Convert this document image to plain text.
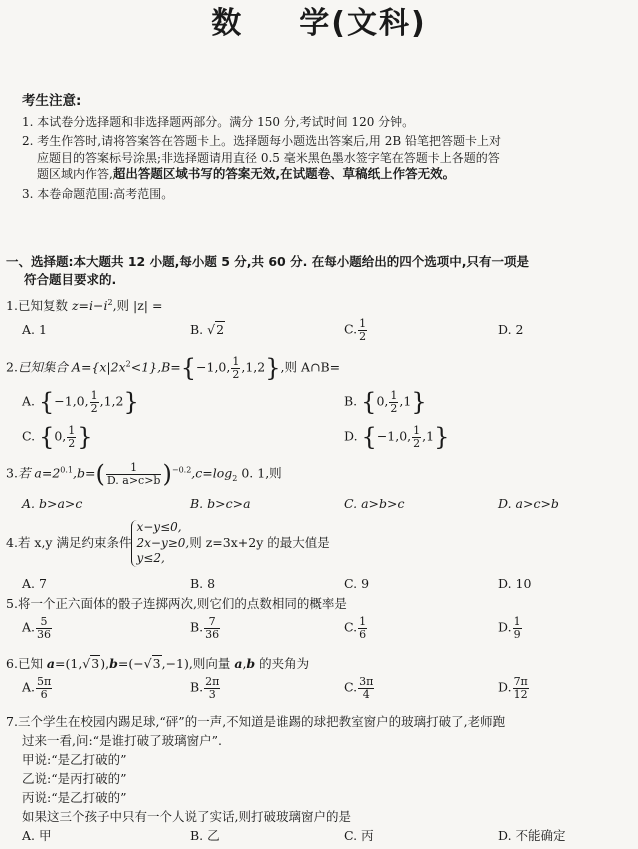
数 学(文科)
考生注意:
1. 本试卷分选择题和非选择题两部分。满分 150 分,考试时间 120 分钟。
2. 考生作答时,请将答案答在答题卡上。选择题每小题选出答案后,用 2B 铅笔把答题卡上对
应题目的答案标号涂黑;非选择题请用直径 0.5 毫米黑色墨水签字笔在答题卡上各题的答
题区域内作答,超出答题区域书写的答案无效,在试题卷、草稿纸上作答无效。
3. 本卷命题范围:高考范围。
一、选择题:本大题共 12 小题,每小题 5 分,共 60 分. 在每小题给出的四个选项中,只有一项是
符合题目要求的.
1.已知复数 $z=i-i^2$,则 |z| =
A. 1	B. √2	C. $\frac{1}{2}$	D. 2
2.已知集合 $A=\{x|2x^2<1\},B=\{-1,0$, $\frac{1}{2} ,1,2$},则 A∩B=
A. {−1,0, $\frac{1}{2} ,1,2$}	B. {0, $\frac{1}{2} ,1$}
C. {0, $\frac{1}{2}$ }	D. {−1,0, $\frac{1}{2} ,1$}
3.若 $a=2^{0.1},b=( \frac{1}{D. a>c>b} )^{-0.2},c=\log_2$ 0. 1,则
A. b>a>c	B. b>c>a	C. a>b>c	D. a>c>b
4.若 x,y 满足约束条件
x−y≤0,
2x−y≥0,
y≤2,
则 z=3x+2y 的最大值是
A. 7	B. 8	C. 9	D. 10
5.将一个正六面体的骰子连掷两次,则它们的点数相同的概率是
A. $\frac{5}{36}$	B. $\frac{7}{36}$	C. $\frac{1}{6}$	D. $\frac{1}{9}$
6.已知 a=(1,√3),b=(−√3,−1),则向量 a,b 的夹角为
A. $\frac{5\pi}{6}$	B. $\frac{2\pi}{3}$	C. $\frac{3\pi}{4}$	D. $\frac{7\pi}{12}$
7.三个学生在校园内踢足球,“砰”的一声,不知道是谁踢的球把教室窗户的玻璃打破了,老师跑
过来一看,问:“是谁打破了玻璃窗户”.
甲说:“是乙打破的”
乙说:“是丙打破的”
丙说:“是乙打破的”
如果这三个孩子中只有一个人说了实话,则打破玻璃窗户的是
A. 甲	B. 乙	C. 丙	D. 不能确定
